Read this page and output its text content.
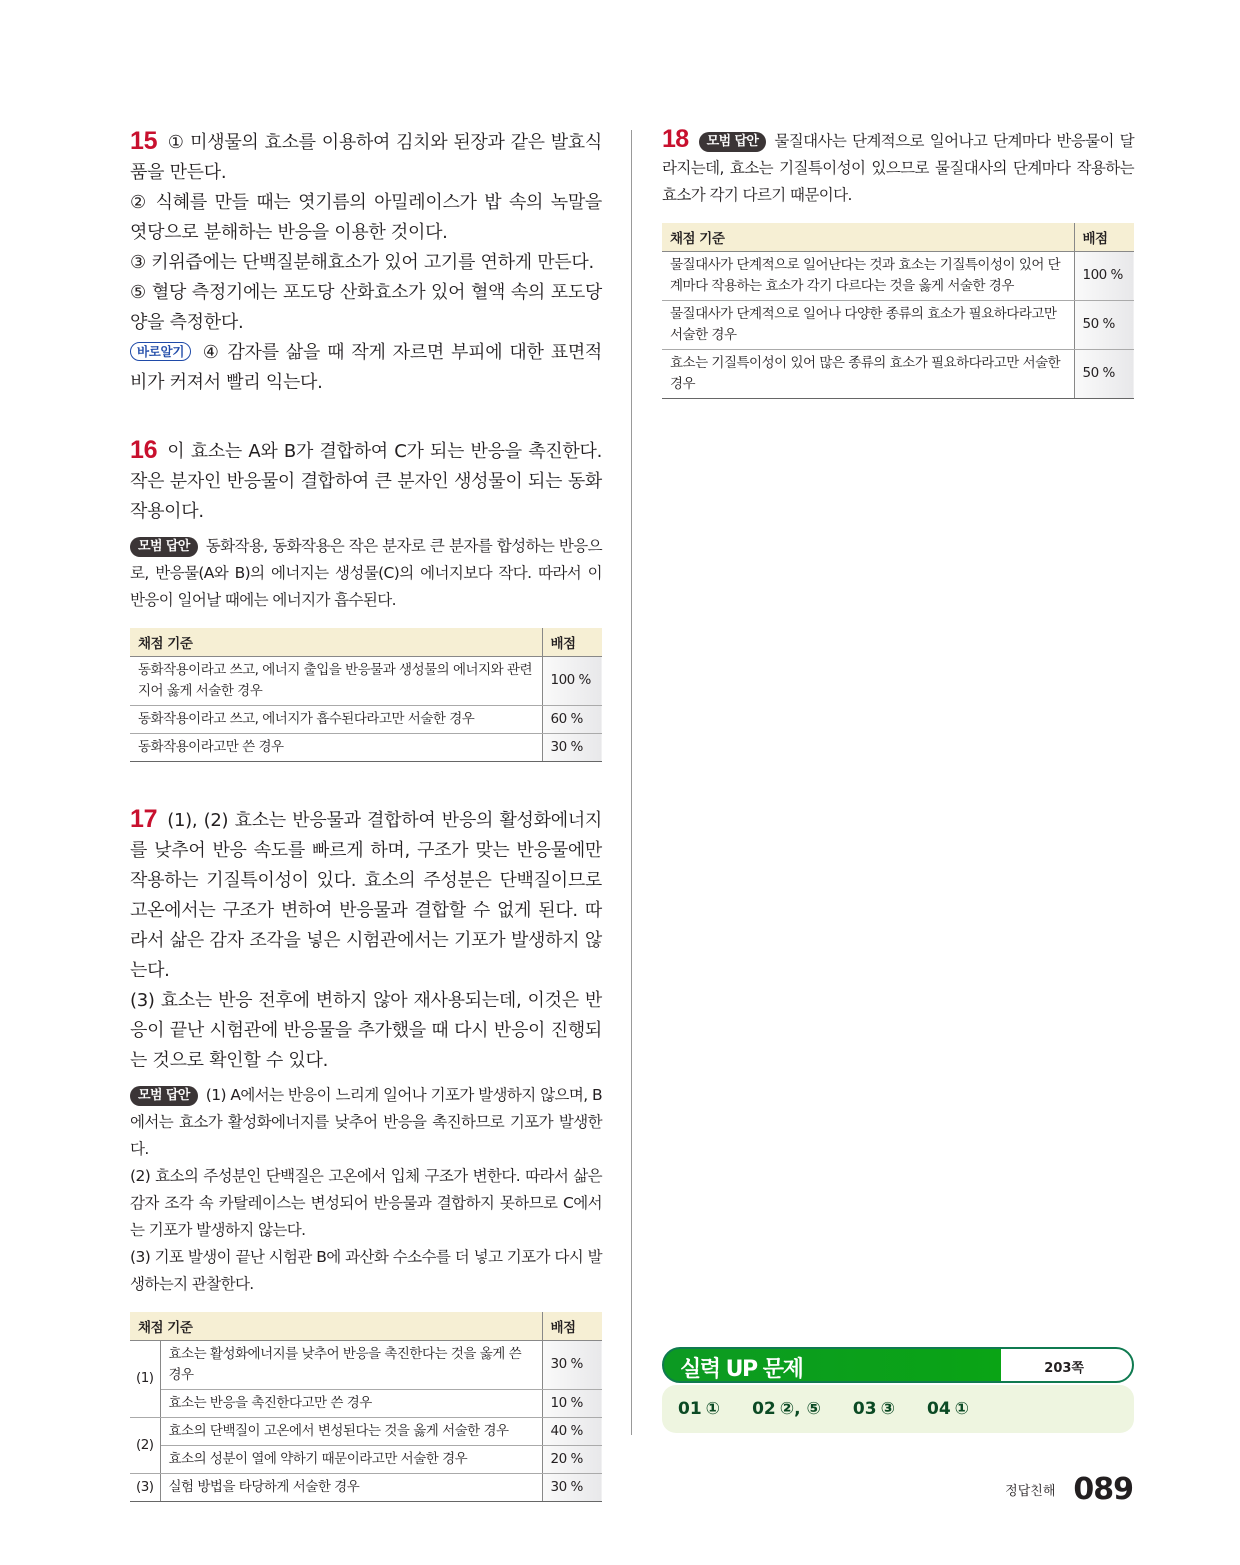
15 ① 미생물의 효소를 이용하여 김치와 된장과 같은 발효식품을 만든다.

② 식혜를 만들 때는 엿기름의 아밀레이스가 밥 속의 녹말을 엿당으로 분해하는 반응을 이용한 것이다.

③ 키위즙에는 단백질분해효소가 있어 고기를 연하게 만든다.

⑤ 혈당 측정기에는 포도당 산화효소가 있어 혈액 속의 포도당 양을 측정한다.

바로알기 ④ 감자를 삶을 때 작게 자르면 부피에 대한 표면적 비가 커져서 빨리 익는다.

16 이 효소는 A와 B가 결합하여 C가 되는 반응을 촉진한다. 작은 분자인 반응물이 결합하여 큰 분자인 생성물이 되는 동화작용이다.

모범 답안 동화작용, 동화작용은 작은 분자로 큰 분자를 합성하는 반응으로, 반응물(A와 B)의 에너지는 생성물(C)의 에너지보다 작다. 따라서 이 반응이 일어날 때에는 에너지가 흡수된다.

채점 기준	배점
동화작용이라고 쓰고, 에너지 출입을 반응물과 생성물의 에너지와 관련지어 옳게 서술한 경우	100 %
동화작용이라고 쓰고, 에너지가 흡수된다라고만 서술한 경우	60 %
동화작용이라고만 쓴 경우	30 %

17 (1), (2) 효소는 반응물과 결합하여 반응의 활성화에너지를 낮추어 반응 속도를 빠르게 하며, 구조가 맞는 반응물에만 작용하는 기질특이성이 있다. 효소의 주성분은 단백질이므로 고온에서는 구조가 변하여 반응물과 결합할 수 없게 된다. 따라서 삶은 감자 조각을 넣은 시험관에서는 기포가 발생하지 않는다.

(3) 효소는 반응 전후에 변하지 않아 재사용되는데, 이것은 반응이 끝난 시험관에 반응물을 추가했을 때 다시 반응이 진행되는 것으로 확인할 수 있다.

모범 답안 (1) A에서는 반응이 느리게 일어나 기포가 발생하지 않으며, B에서는 효소가 활성화에너지를 낮추어 반응을 촉진하므로 기포가 발생한다.

(2) 효소의 주성분인 단백질은 고온에서 입체 구조가 변한다. 따라서 삶은 감자 조각 속 카탈레이스는 변성되어 반응물과 결합하지 못하므로 C에서는 기포가 발생하지 않는다.

(3) 기포 발생이 끝난 시험관 B에 과산화 수소수를 더 넣고 기포가 다시 발생하는지 관찰한다.

채점 기준		배점
(1)	효소는 활성화에너지를 낮추어 반응을 촉진한다는 것을 옳게 쓴 경우	30 %
	효소는 반응을 촉진한다고만 쓴 경우	10 %
(2)	효소의 단백질이 고온에서 변성된다는 것을 옳게 서술한 경우	40 %
	효소의 성분이 열에 약하기 때문이라고만 서술한 경우	20 %
(3)	실험 방법을 타당하게 서술한 경우	30 %

18 모범 답안 물질대사는 단계적으로 일어나고 단계마다 반응물이 달라지는데, 효소는 기질특이성이 있으므로 물질대사의 단계마다 작용하는 효소가 각기 다르기 때문이다.

채점 기준	배점
물질대사가 단계적으로 일어난다는 것과 효소는 기질특이성이 있어 단계마다 작용하는 효소가 각기 다르다는 것을 옳게 서술한 경우	100 %
물질대사가 단계적으로 일어나 다양한 종류의 효소가 필요하다라고만 서술한 경우	50 %
효소는 기질특이성이 있어 많은 종류의 효소가 필요하다라고만 서술한 경우	50 %
실력 UP 문제	203쪽
01 ① 02 ②, ⑤ 03 ③ 04 ①
정답친해 089
